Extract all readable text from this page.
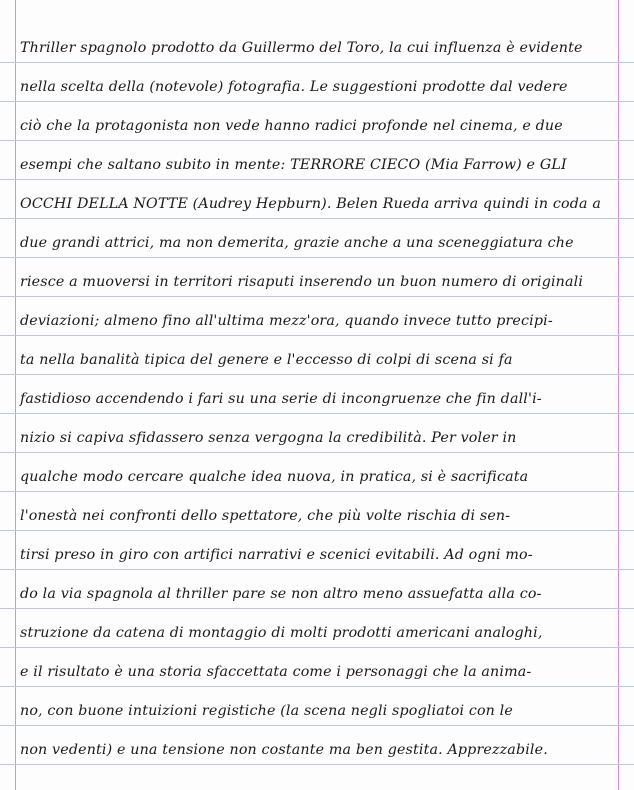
Thriller spagnolo prodotto da Guillermo del Toro, la cui influenza è evidente
nella scelta della (notevole) fotografia. Le suggestioni prodotte dal vedere
ciò che la protagonista non vede hanno radici profonde nel cinema, e due
esempi che saltano subito in mente: TERRORE CIECO (Mia Farrow) e GLI
OCCHI DELLA NOTTE (Audrey Hepburn). Belen Rueda arriva quindi in coda a
due grandi attrici, ma non demerita, grazie anche a una sceneggiatura che
riesce a muoversi in territori risaputi inserendo un buon numero di originali
deviazioni; almeno fino all'ultima mezz'ora, quando invece tutto precipi-
ta nella banalità tipica del genere e l'eccesso di colpi di scena si fa
fastidioso accendendo i fari su una serie di incongruenze che fin dall'i-
nizio si capiva sfidassero senza vergogna la credibilità. Per voler in
qualche modo cercare qualche idea nuova, in pratica, si è sacrificata
l'onestà nei confronti dello spettatore, che più volte rischia di sen-
tirsi preso in giro con artifici narrativi e scenici evitabili. Ad ogni mo-
do la via spagnola al thriller pare se non altro meno assuefatta alla co-
struzione da catena di montaggio di molti prodotti americani analoghi,
e il risultato è una storia sfaccettata come i personaggi che la anima-
no, con buone intuizioni registiche (la scena negli spogliatoi con le
non vedenti) e una tensione non costante ma ben gestita. Apprezzabile.
